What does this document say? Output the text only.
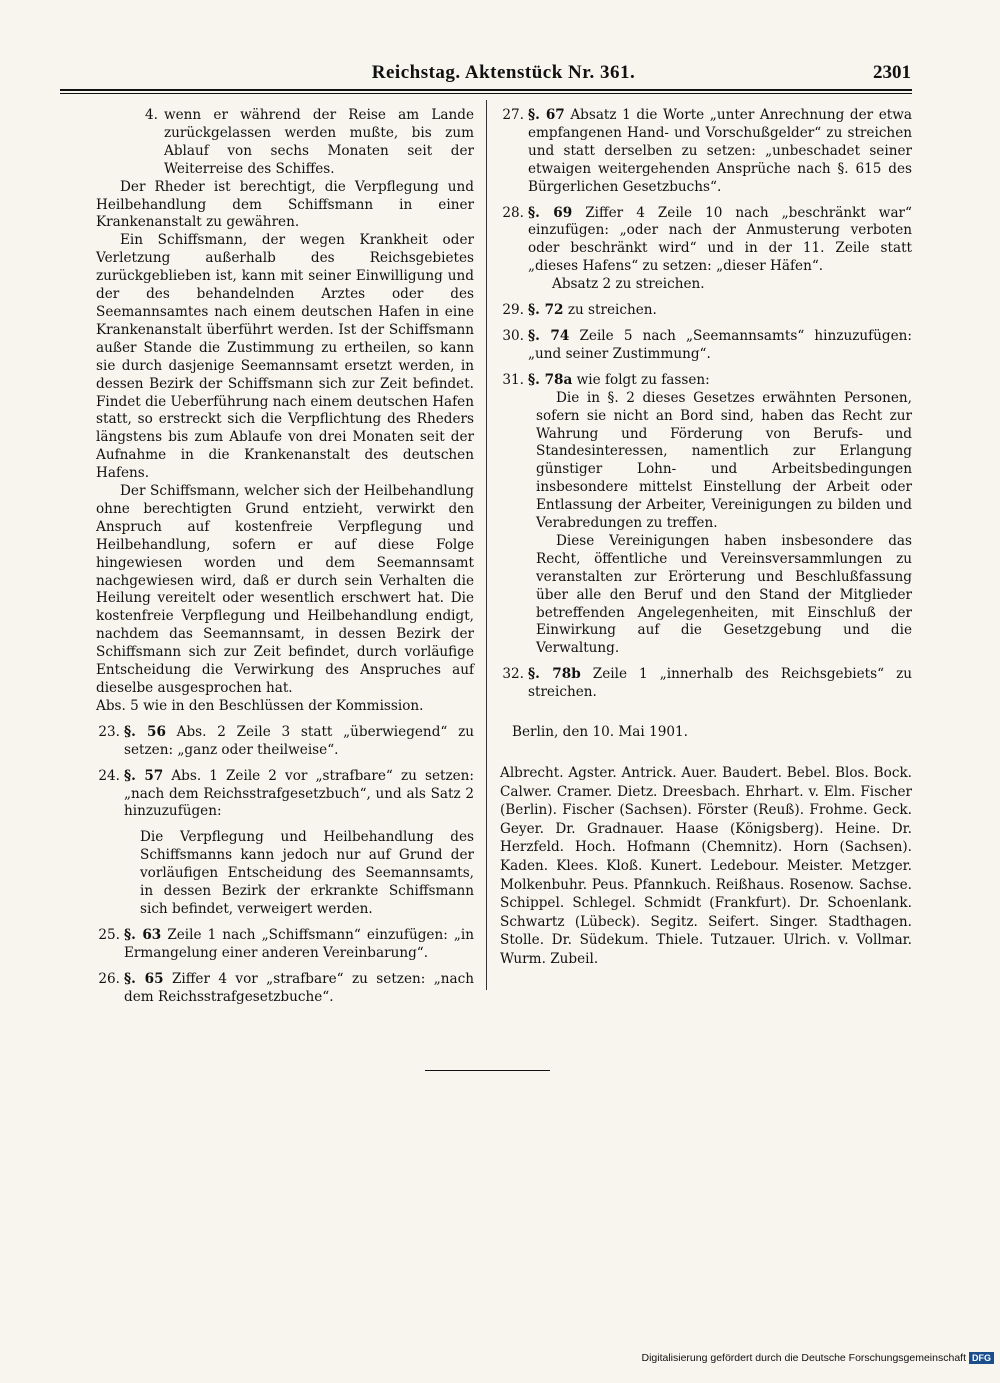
Reichstag. Aktenstück Nr. 361.	2301
4. wenn er während der Reise am Lande zurückgelassen werden mußte, bis zum Ablauf von sechs Monaten seit der Weiterreise des Schiffes.

Der Rheder ist berechtigt, die Verpflegung und Heilbehandlung dem Schiffsmann in einer Krankenanstalt zu gewähren.

Ein Schiffsmann, der wegen Krankheit oder Verletzung außerhalb des Reichsgebietes zurückgeblieben ist, kann mit seiner Einwilligung und der des behandelnden Arztes oder des Seemannsamtes nach einem deutschen Hafen in eine Krankenanstalt überführt werden. Ist der Schiffsmann außer Stande die Zustimmung zu ertheilen, so kann sie durch dasjenige Seemannsamt ersetzt werden, in dessen Bezirk der Schiffsmann sich zur Zeit befindet. Findet die Ueberführung nach einem deutschen Hafen statt, so erstreckt sich die Verpflichtung des Rheders längstens bis zum Ablaufe von drei Monaten seit der Aufnahme in die Krankenanstalt des deutschen Hafens.

Der Schiffsmann, welcher sich der Heilbehandlung ohne berechtigten Grund entzieht, verwirkt den Anspruch auf kostenfreie Verpflegung und Heilbehandlung, sofern er auf diese Folge hingewiesen worden und dem Seemannsamt nachgewiesen wird, daß er durch sein Verhalten die Heilung vereitelt oder wesentlich erschwert hat. Die kostenfreie Verpflegung und Heilbehandlung endigt, nachdem das Seemannsamt, in dessen Bezirk der Schiffsmann sich zur Zeit befindet, durch vorläufige Entscheidung die Verwirkung des Anspruches auf dieselbe ausgesprochen hat.

Abs. 5 wie in den Beschlüssen der Kommission.

23. §. 56 Abs. 2 Zeile 3 statt „überwiegend“ zu setzen: „ganz oder theilweise“.
24. §. 57 Abs. 1 Zeile 2 vor „strafbare“ zu setzen: „nach dem Reichsstrafgesetzbuch“, und als Satz 2 hinzuzufügen:

Die Verpflegung und Heilbehandlung des Schiffsmanns kann jedoch nur auf Grund der vorläufigen Entscheidung des Seemannsamts, in dessen Bezirk der erkrankte Schiffsmann sich befindet, verweigert werden.

25. §. 63 Zeile 1 nach „Schiffsmann“ einzufügen: „in Ermangelung einer anderen Vereinbarung“.
26. §. 65 Ziffer 4 vor „strafbare“ zu setzen: „nach dem Reichsstrafgesetzbuche“.
27. §. 67 Absatz 1 die Worte „unter Anrechnung der etwa empfangenen Hand- und Vorschußgelder“ zu streichen und statt derselben zu setzen: „unbeschadet seiner etwaigen weitergehenden Ansprüche nach §. 615 des Bürgerlichen Gesetzbuchs“.
28. §. 69 Ziffer 4 Zeile 10 nach „beschränkt war“ einzufügen: „oder nach der Anmusterung verboten oder beschränkt wird“ und in der 11. Zeile statt „dieses Hafens“ zu setzen: „dieser Häfen“.

Absatz 2 zu streichen.

29. §. 72 zu streichen.
30. §. 74 Zeile 5 nach „Seemannsamts“ hinzuzufügen: „und seiner Zustimmung“.
31. §. 78a wie folgt zu fassen:

Die in §. 2 dieses Gesetzes erwähnten Personen, sofern sie nicht an Bord sind, haben das Recht zur Wahrung und Förderung von Berufs- und Standesinteressen, namentlich zur Erlangung günstiger Lohn- und Arbeitsbedingungen insbesondere mittelst Einstellung der Arbeit oder Entlassung der Arbeiter, Vereinigungen zu bilden und Verabredungen zu treffen.

Diese Vereinigungen haben insbesondere das Recht, öffentliche und Vereinsversammlungen zu veranstalten zur Erörterung und Beschlußfassung über alle den Beruf und den Stand der Mitglieder betreffenden Angelegenheiten, mit Einschluß der Einwirkung auf die Gesetzgebung und die Verwaltung.

32. §. 78b Zeile 1 „innerhalb des Reichsgebiets“ zu streichen.

Berlin, den 10. Mai 1901.

Albrecht. Agster. Antrick. Auer. Baudert. Bebel. Blos. Bock. Calwer. Cramer. Dietz. Dreesbach. Ehrhart. v. Elm. Fischer (Berlin). Fischer (Sachsen). Förster (Reuß). Frohme. Geck. Geyer. Dr. Gradnauer. Haase (Königsberg). Heine. Dr. Herzfeld. Hoch. Hofmann (Chemnitz). Horn (Sachsen). Kaden. Klees. Kloß. Kunert. Ledebour. Meister. Metzger. Molkenbuhr. Peus. Pfannkuch. Reißhaus. Rosenow. Sachse. Schippel. Schlegel. Schmidt (Frankfurt). Dr. Schoenlank. Schwartz (Lübeck). Segitz. Seifert. Singer. Stadthagen. Stolle. Dr. Südekum. Thiele. Tutzauer. Ulrich. v. Vollmar. Wurm. Zubeil.

Digitalisierung gefördert durch die Deutsche Forschungsgemeinschaft DFG
